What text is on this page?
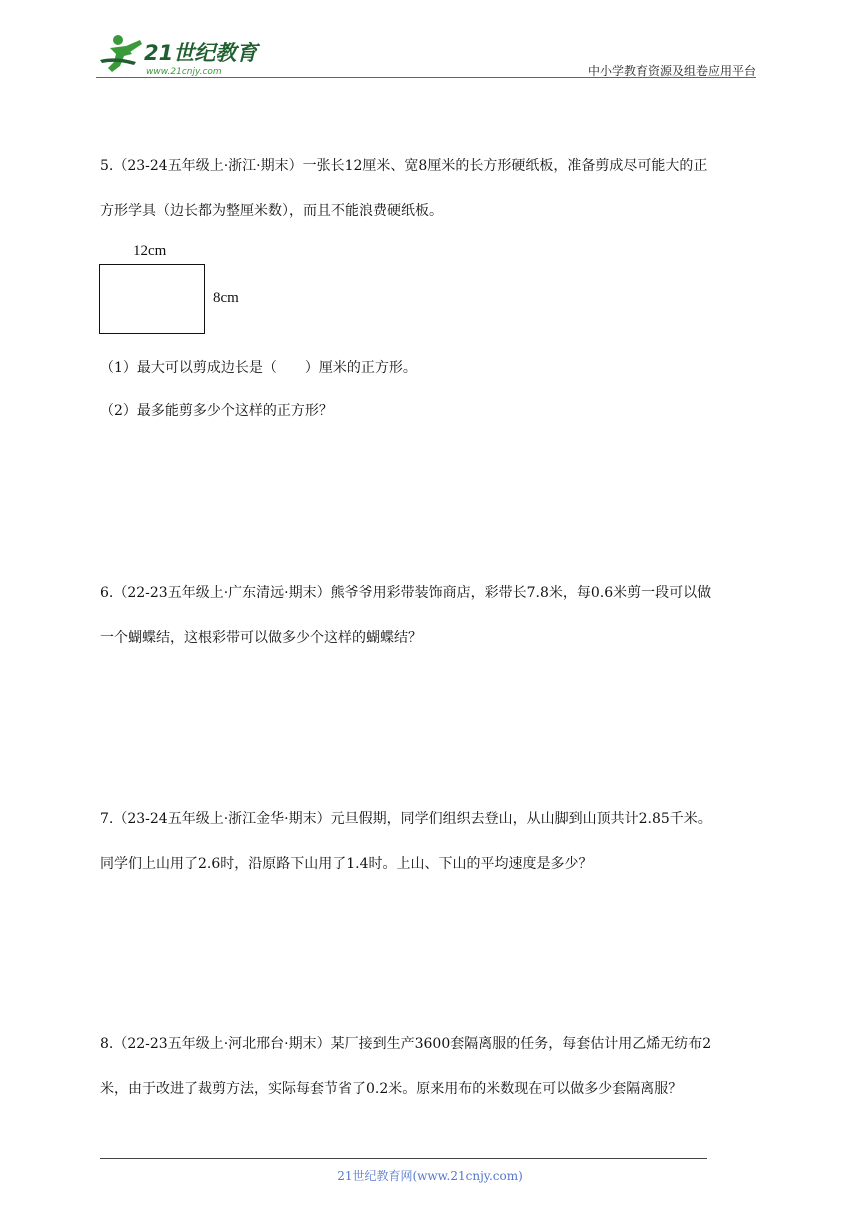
21世纪教育
www.21cnjy.com	中小学教育资源及组卷应用平台

5.（23-24五年级上·浙江·期末）一张长12厘米、宽8厘米的长方形硬纸板，准备剪成尽可能大的正

方形学具（边长都为整厘米数），而且不能浪费硬纸板。

12cm
8cm

（1）最大可以剪成边长是（　　）厘米的正方形。

（2）最多能剪多少个这样的正方形？

6.（22-23五年级上·广东清远·期末）熊爷爷用彩带装饰商店，彩带长7.8米，每0.6米剪一段可以做

一个蝴蝶结，这根彩带可以做多少个这样的蝴蝶结？

7.（23-24五年级上·浙江金华·期末）元旦假期，同学们组织去登山，从山脚到山顶共计2.85千米。

同学们上山用了2.6时，沿原路下山用了1.4时。上山、下山的平均速度是多少？

8.（22-23五年级上·河北邢台·期末）某厂接到生产3600套隔离服的任务，每套估计用乙烯无纺布2

米，由于改进了裁剪方法，实际每套节省了0.2米。原来用布的米数现在可以做多少套隔离服？

21世纪教育网(www.21cnjy.com)
